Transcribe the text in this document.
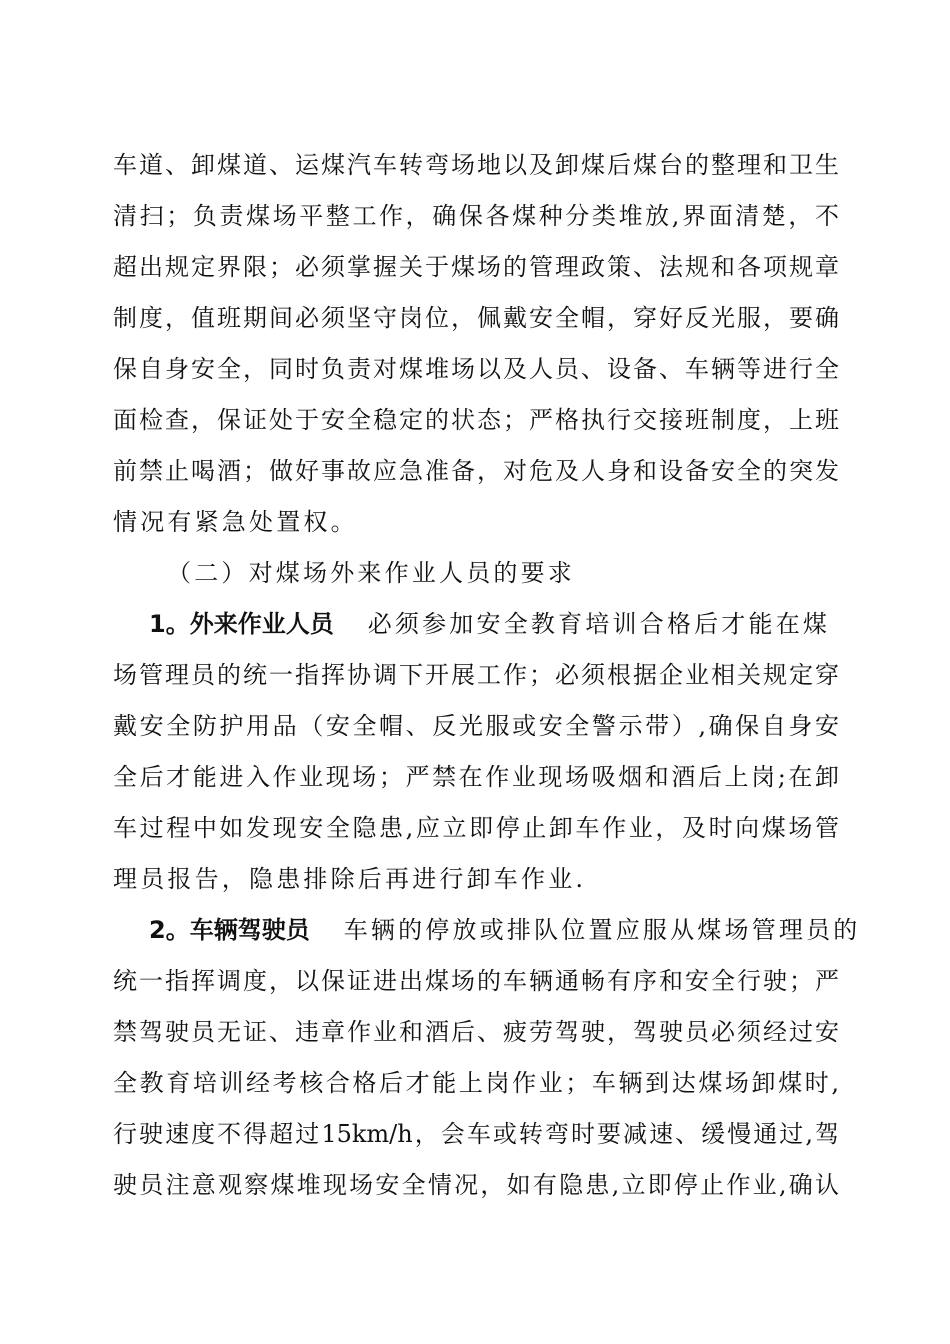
车道、卸煤道、运煤汽车转弯场地以及卸煤后煤台的整理和卫生
清扫；负责煤场平整工作，确保各煤种分类堆放,界面清楚，不
超出规定界限；必须掌握关于煤场的管理政策、法规和各项规章
制度，值班期间必须坚守岗位，佩戴安全帽，穿好反光服，要确
保自身安全，同时负责对煤堆场以及人员、设备、车辆等进行全
面检查，保证处于安全稳定的状态；严格执行交接班制度，上班
前禁止喝酒；做好事故应急准备，对危及人身和设备安全的突发
情况有紧急处置权。
（二）对煤场外来作业人员的要求
1。外来作业人员 必须参加安全教育培训合格后才能在煤
场管理员的统一指挥协调下开展工作；必须根据企业相关规定穿
戴安全防护用品（安全帽、反光服或安全警示带）,确保自身安
全后才能进入作业现场；严禁在作业现场吸烟和酒后上岗;在卸
车过程中如发现安全隐患,应立即停止卸车作业，及时向煤场管
理员报告，隐患排除后再进行卸车作业.
2。车辆驾驶员 车辆的停放或排队位置应服从煤场管理员的
统一指挥调度，以保证进出煤场的车辆通畅有序和安全行驶；严
禁驾驶员无证、违章作业和酒后、疲劳驾驶，驾驶员必须经过安
全教育培训经考核合格后才能上岗作业；车辆到达煤场卸煤时,
行驶速度不得超过15km/h，会车或转弯时要减速、缓慢通过,驾
驶员注意观察煤堆现场安全情况，如有隐患,立即停止作业,确认
